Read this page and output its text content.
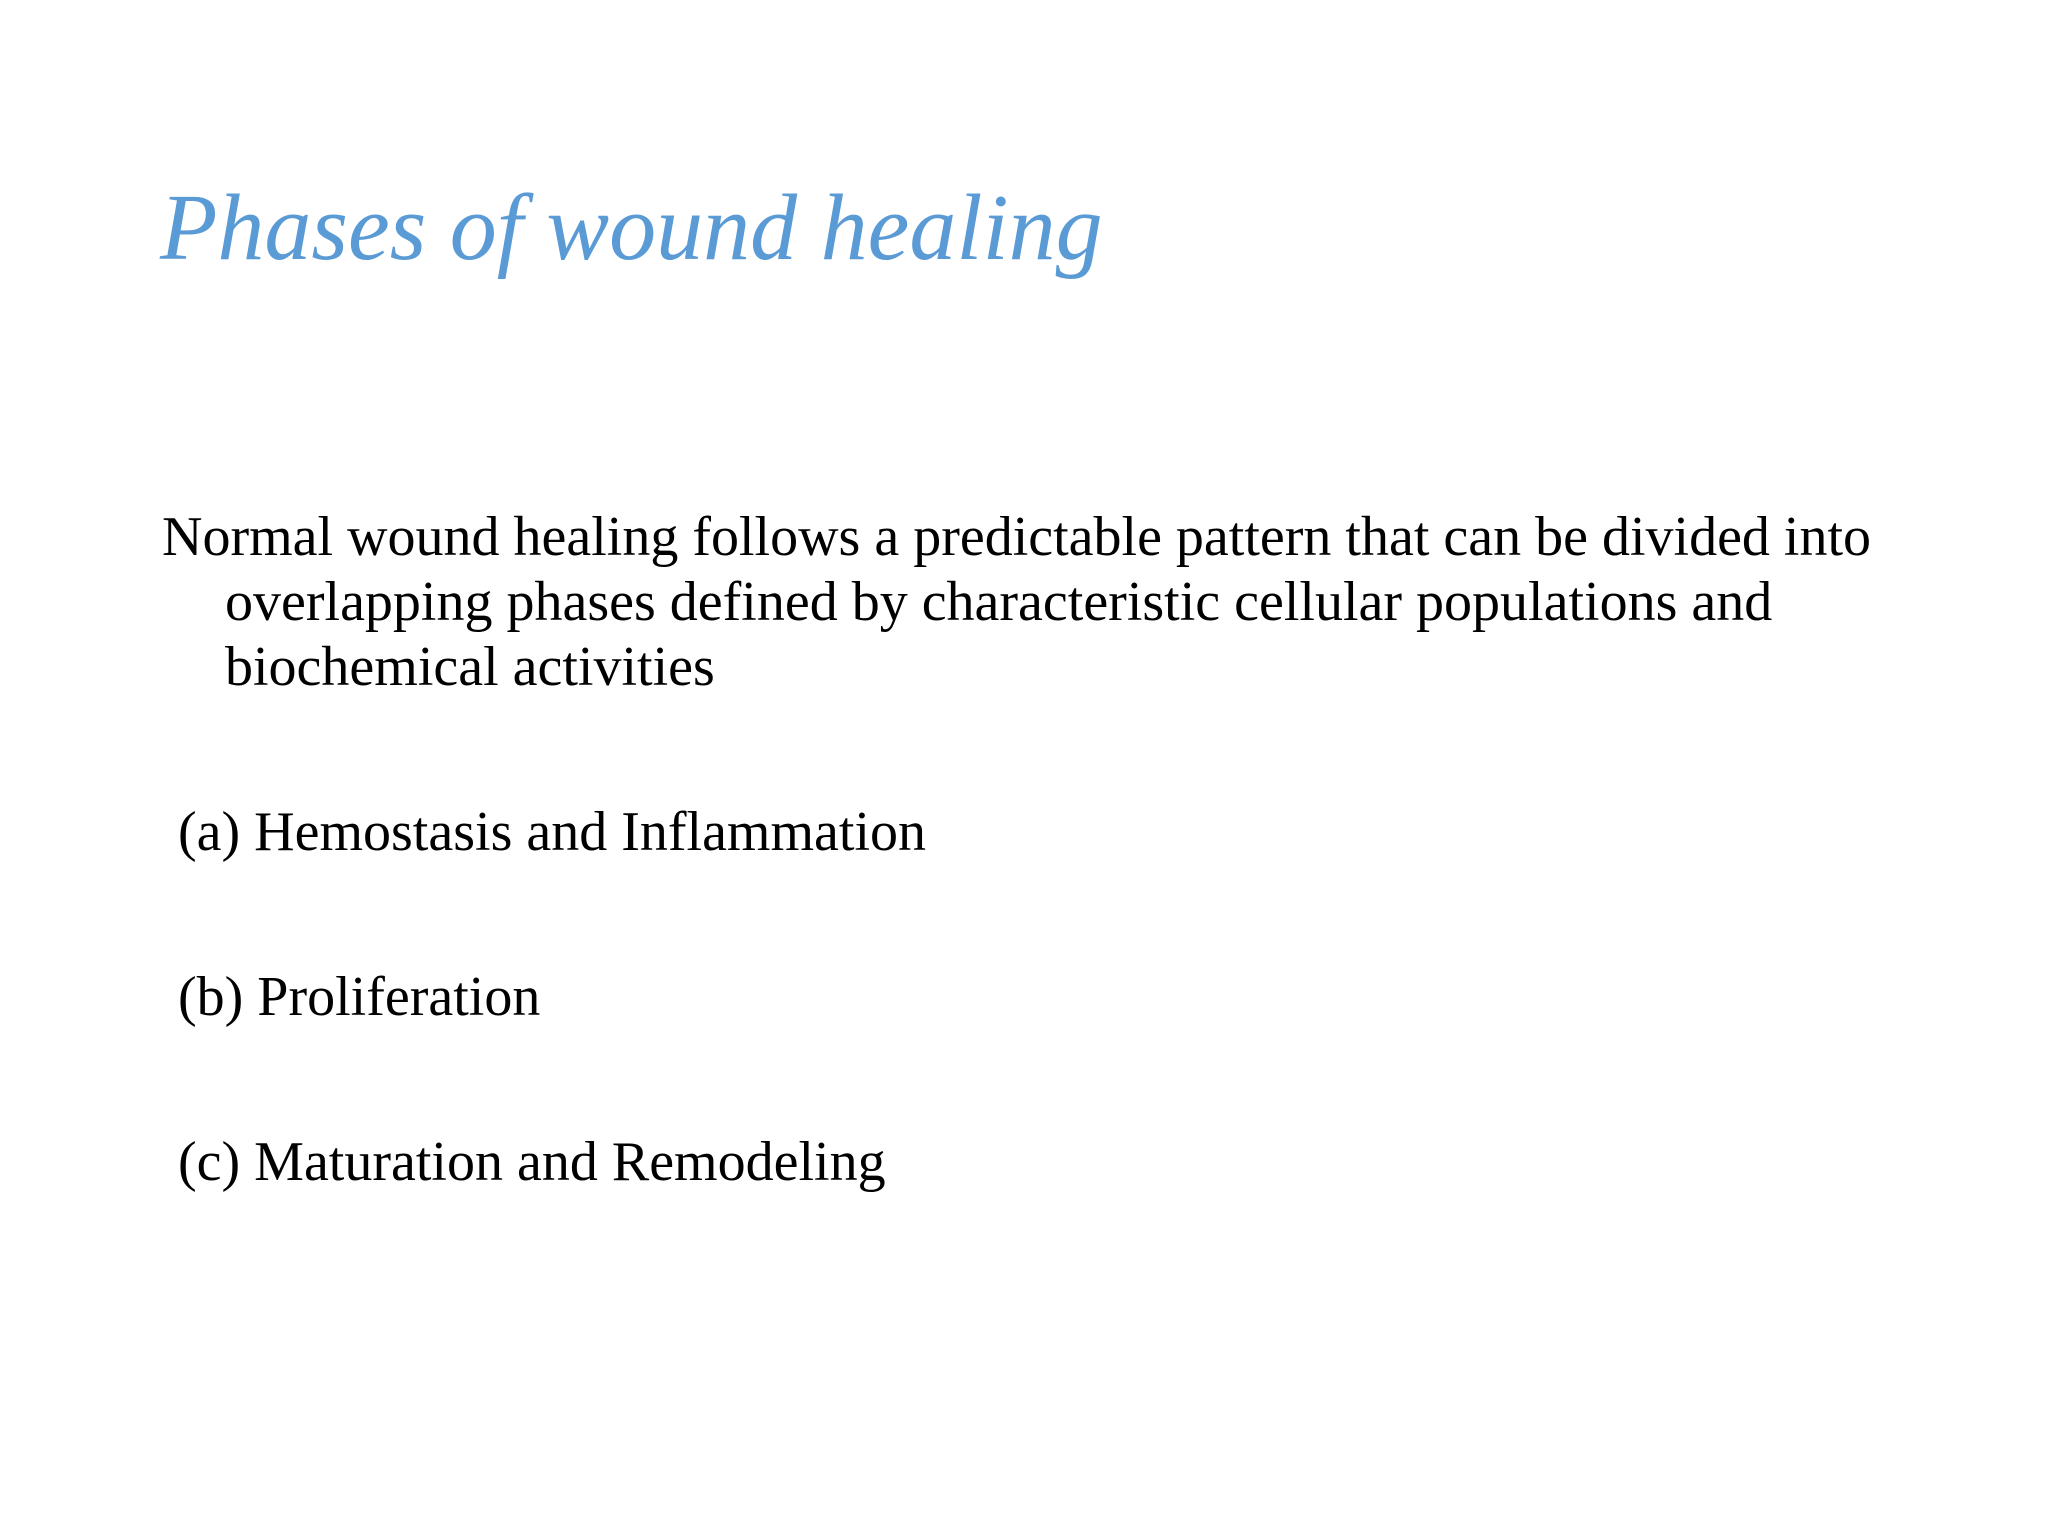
Phases of wound healing

Normal wound healing follows a predictable pattern that can be divided into overlapping phases defined by characteristic cellular populations and biochemical activities

(a) Hemostasis and Inflammation

(b) Proliferation

(c) Maturation and Remodeling
